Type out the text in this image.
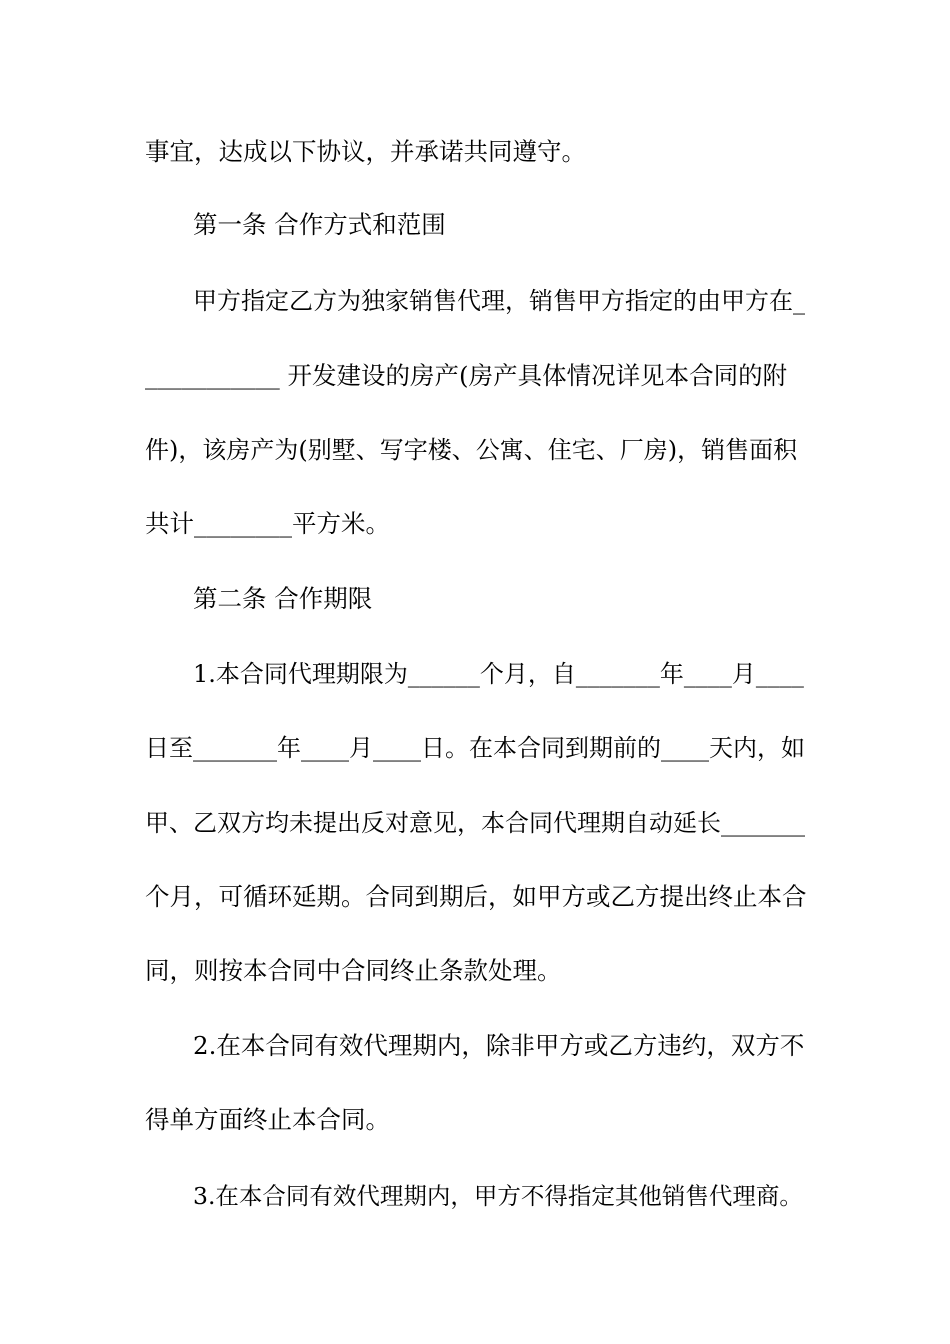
事宜，达成以下协议，并承诺共同遵守。
第一条 合作方式和范围
甲方指定乙方为独家销售代理，销售甲方指定的由甲方在_
___________ 开发建设的房产(房产具体情况详见本合同的附
件)，该房产为(别墅、写字楼、公寓、住宅、厂房)，销售面积
共计________平方米。
第二条 合作期限
1.本合同代理期限为______个月，自_______年____月____
日至_______年____月____日。在本合同到期前的____天内，如
甲、乙双方均未提出反对意见，本合同代理期自动延长_______
个月，可循环延期。合同到期后，如甲方或乙方提出终止本合
同，则按本合同中合同终止条款处理。
2.在本合同有效代理期内，除非甲方或乙方违约，双方不
得单方面终止本合同。
3.在本合同有效代理期内，甲方不得指定其他销售代理商。
